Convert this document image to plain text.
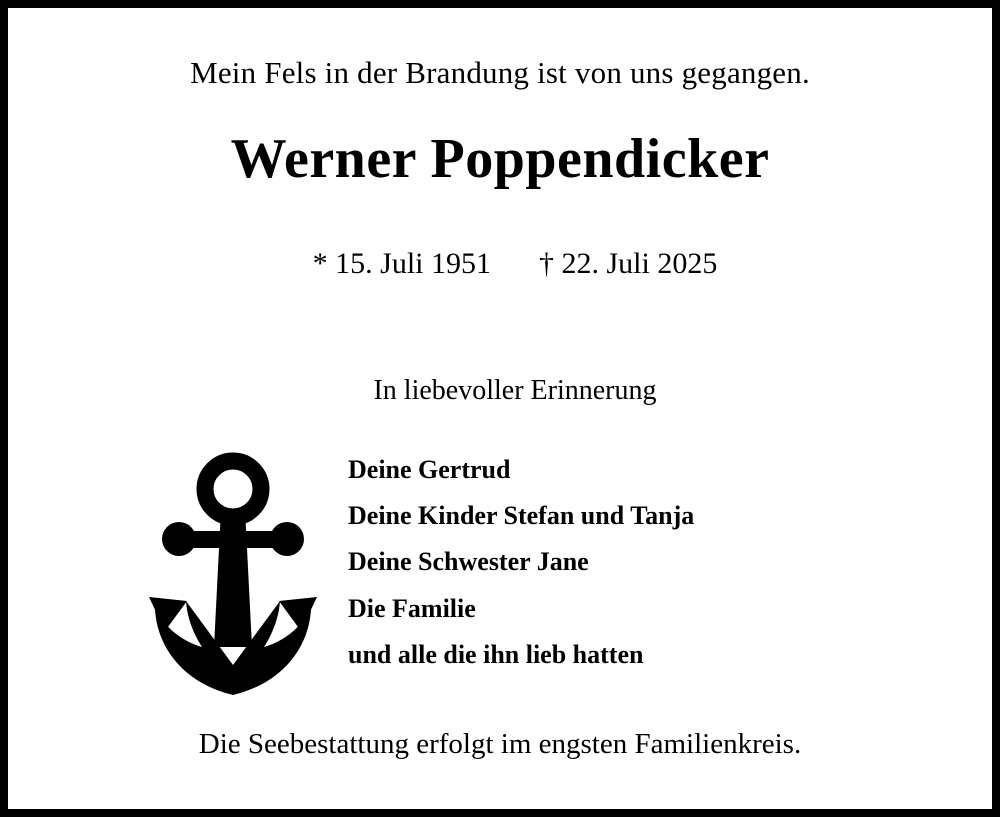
Mein Fels in der Brandung ist von uns gegangen.
Werner Poppendicker

* 15. Juli 1951 † 22. Juli 2025

In liebevoller Erinnerung
Deine Gertrud
Deine Kinder Stefan und Tanja
Deine Schwester Jane
Die Familie
und alle die ihn lieb hatten
Die Seebestattung erfolgt im engsten Familienkreis.
